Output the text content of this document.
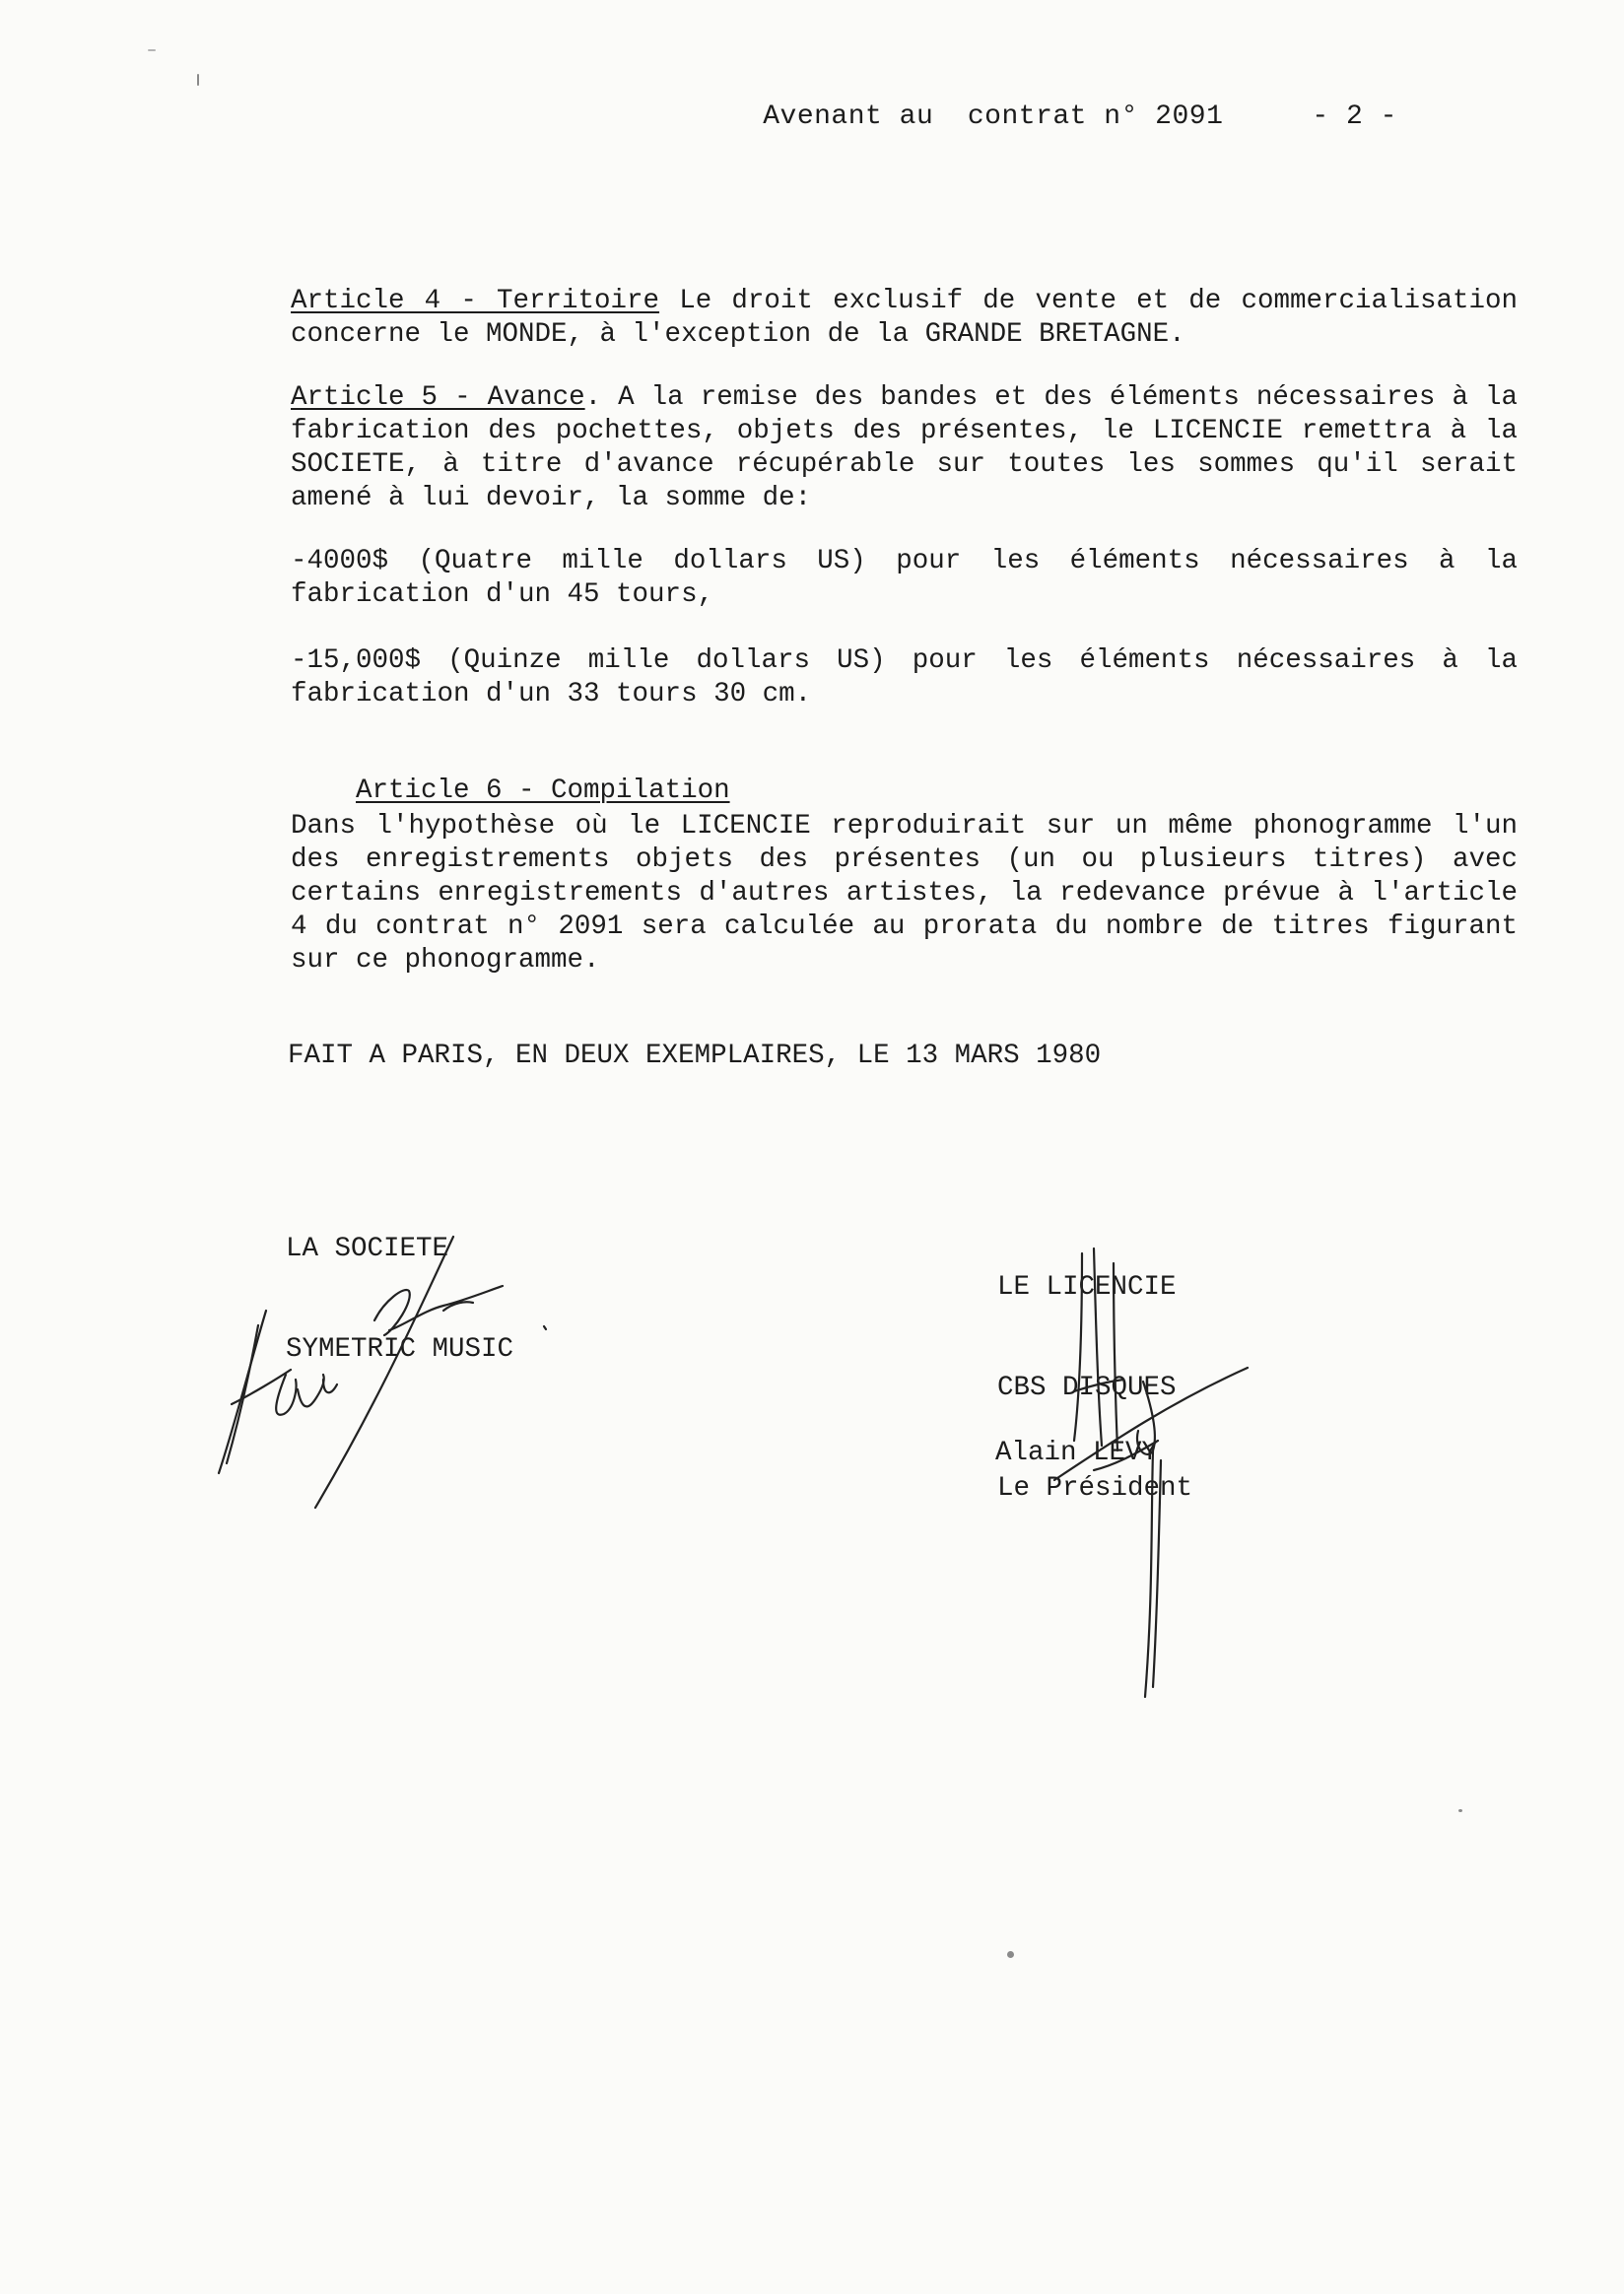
Avenant au  contrat n° 2091	- 2 -

Article 4 - Territoire Le droit exclusif de vente et de commercialisation concerne le MONDE, à l'exception de la GRANDE BRETAGNE.
Article 5 - Avance. A la remise des bandes et des éléments nécessaires à la fabrication des pochettes, objets des présentes, le LICENCIE remettra à la SOCIETE, à titre d'avance récupérable sur toutes les sommes qu'il serait amené à lui devoir, la somme de:
-4000$ (Quatre mille dollars US) pour les éléments nécessaires à la fabrication d'un 45 tours,
-15,000$ (Quinze mille dollars US) pour les éléments nécessaires à la fabrication d'un 33 tours 30 cm.

Article 6 - Compilation

Dans l'hypothèse où le LICENCIE reproduirait sur un même phonogramme l'un des enregistrements objets des présentes (un ou plusieurs titres) avec certains enregistrements d'autres artistes, la redevance prévue à l'article 4 du contrat n° 2091 sera calculée au prorata du nombre de titres figurant sur ce phonogramme.
FAIT A PARIS, EN DEUX EXEMPLAIRES, LE 13 MARS 1980

LA SOCIETE

SYMETRIC MUSIC

LE LICENCIE

CBS DISQUES

Le Président

Alain LEVY
